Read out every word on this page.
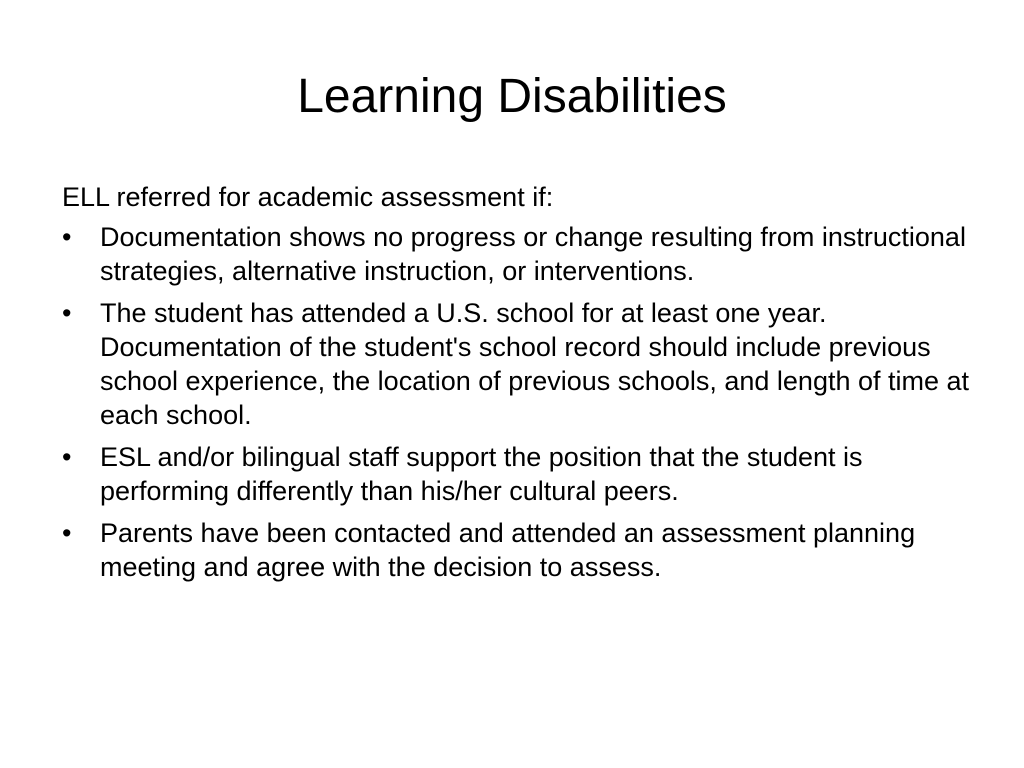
Learning Disabilities

ELL referred for academic assessment if:

•	Documentation shows no progress or change resulting from instructional strategies, alternative instruction, or interventions.
•	The student has attended a U.S. school for at least one year. Documentation of the student's school record should include previous school experience, the location of previous schools, and length of time at each school.
•	ESL and/or bilingual staff support the position that the student is performing differently than his/her cultural peers.
•	Parents have been contacted and attended an assessment planning meeting and agree with the decision to assess.
